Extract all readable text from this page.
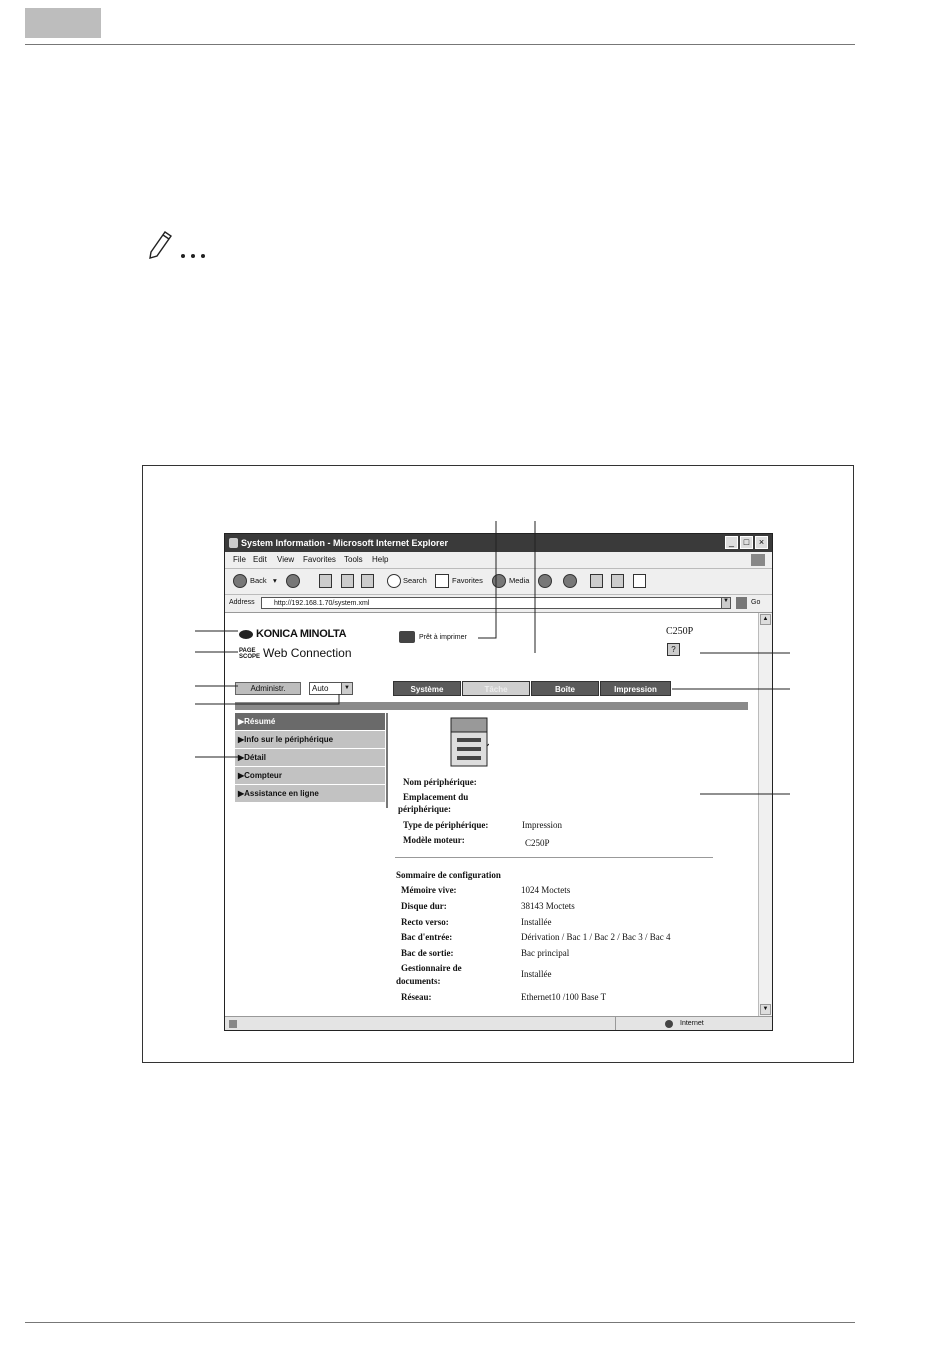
System Information - Microsoft Internet Explorer	_	□	×
File Edit View Favorites Tools Help
Back ▾	Search	Favorites	Media
Address	http://192.168.1.70/system.xml	▼	Go
KONICA MINOLTA
PAGE
SCOPE Web Connection
Prêt à imprimer
C250P
?
Administr.	Auto	▼	Système	Tâche	Boîte	Impression
▶Résumé
▶Info sur le périphérique
▶Détail
▶Compteur
▶Assistance en ligne
Nom périphérique:
Emplacement du
périphérique:
Type de périphérique:	Impression
Modèle moteur:	C250P
Sommaire de configuration
Mémoire vive:	1024 Moctets
Disque dur:	38143 Moctets
Recto verso:	Installée
Bac d'entrée:	Dérivation / Bac 1 / Bac 2 / Bac 3 / Bac 4
Bac de sortie:	Bac principal
Gestionnaire de
documents:
Installée
Réseau:	Ethernet10 /100 Base T
▲
▼
Internet
